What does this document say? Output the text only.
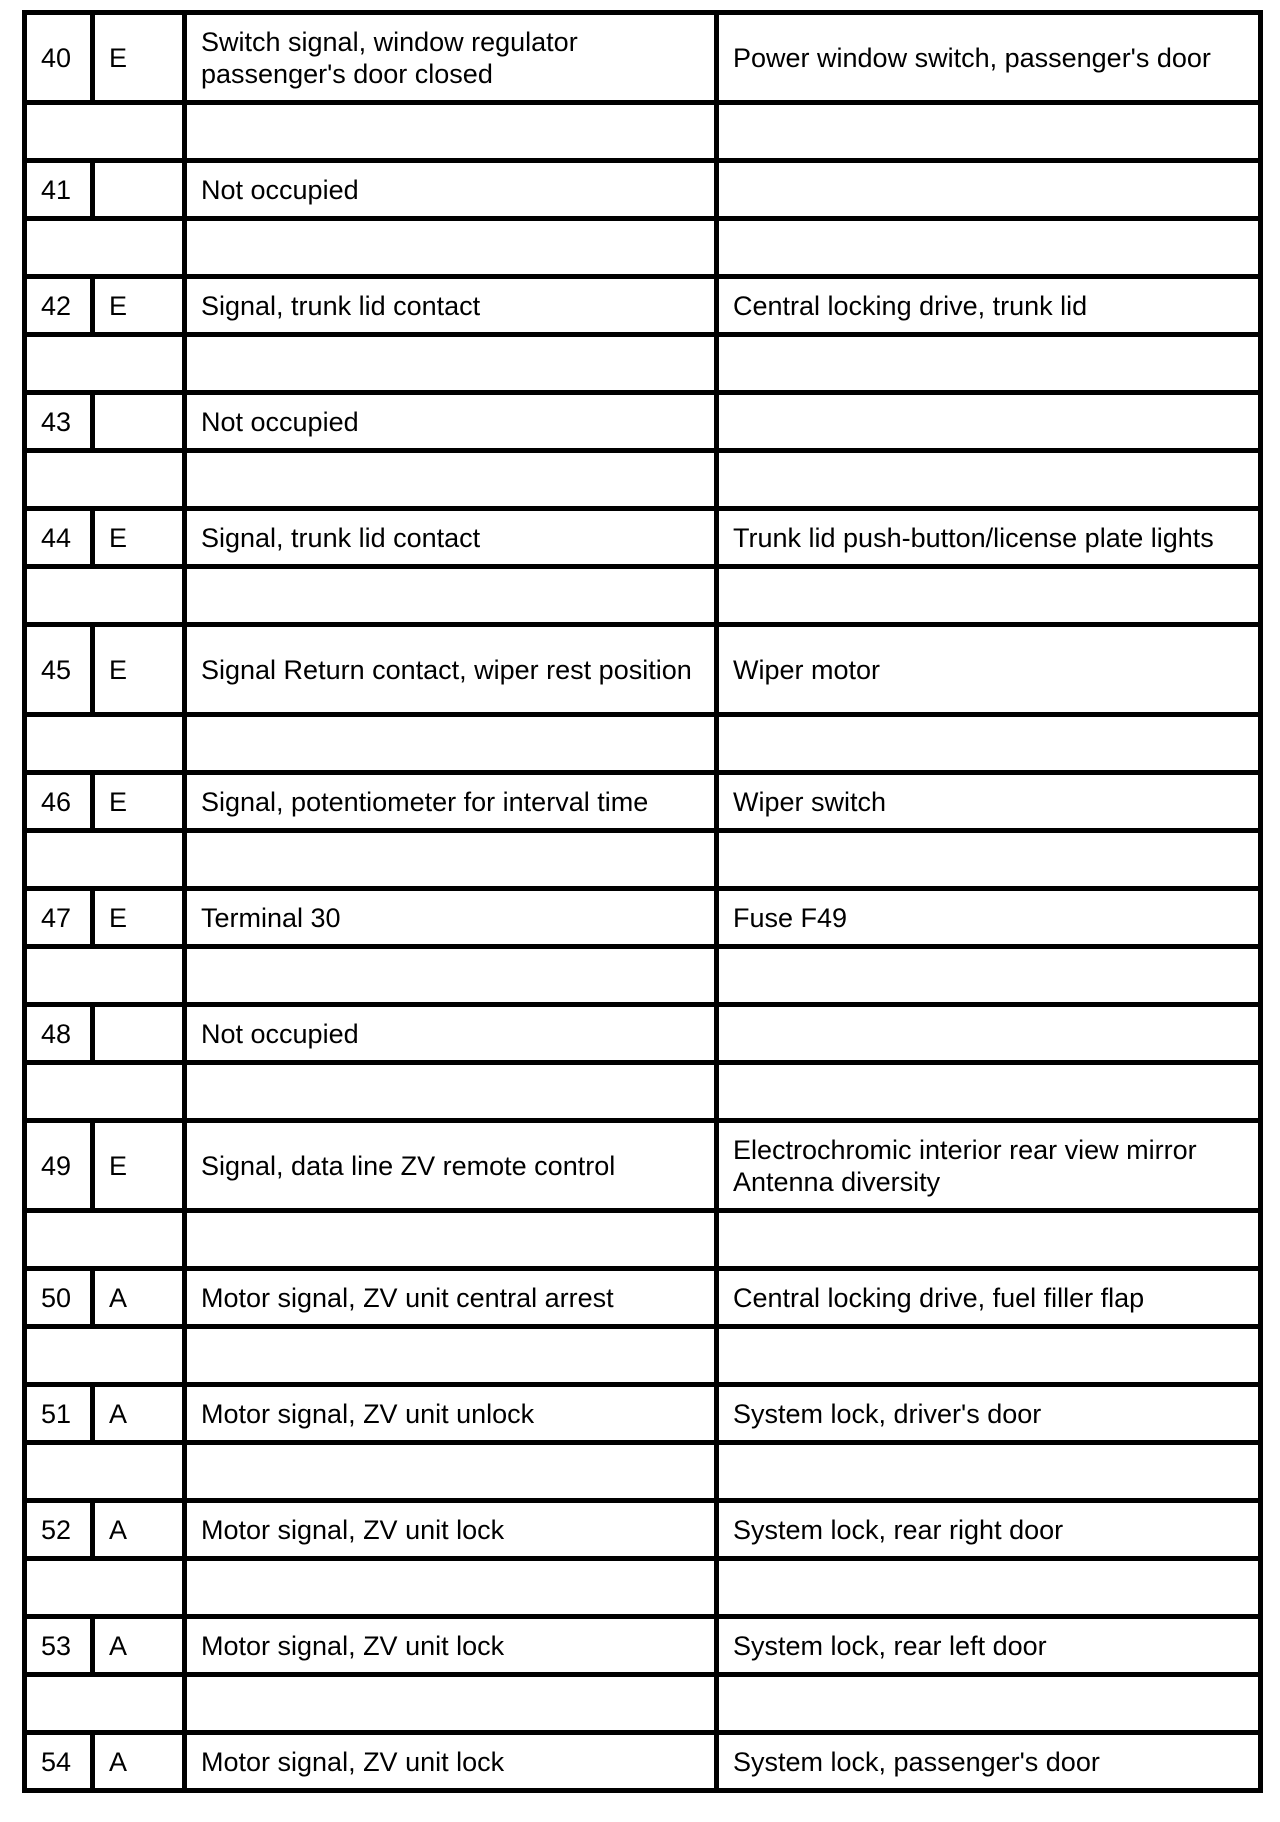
40	E	Switch signal, window regulator passenger's door closed	Power window switch, passenger's door

41		Not occupied	

42	E	Signal, trunk lid contact	Central locking drive, trunk lid

43		Not occupied	

44	E	Signal, trunk lid contact	Trunk lid push-button/license plate lights

45	E	Signal Return contact, wiper rest position	Wiper motor

46	E	Signal, potentiometer for interval time	Wiper switch

47	E	Terminal 30	Fuse F49

48		Not occupied	

49	E	Signal, data line ZV remote control	Electrochromic interior rear view mirror Antenna diversity

50	A	Motor signal, ZV unit central arrest	Central locking drive, fuel filler flap

51	A	Motor signal, ZV unit unlock	System lock, driver's door

52	A	Motor signal, ZV unit lock	System lock, rear right door

53	A	Motor signal, ZV unit lock	System lock, rear left door

54	A	Motor signal, ZV unit lock	System lock, passenger's door
